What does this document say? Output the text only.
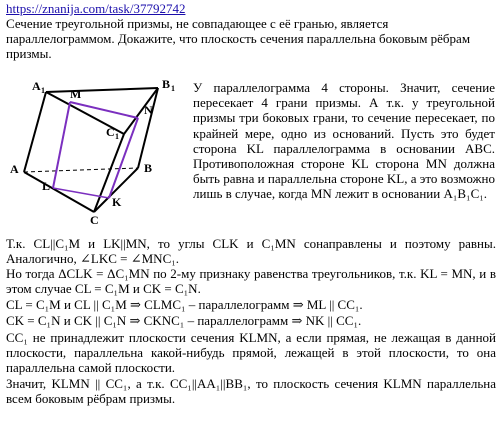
https://znanija.com/task/37792742

Сечение треугольной призмы, не совпадающее с её гранью, является параллелограммом. Докажите, что плоскость сечения параллельна боковым рёбрам призмы.

A 1	B 1
M
N
C 1
A	B
L
K
C

У параллелограмма 4 стороны. Значит, сечение пересекает 4 грани призмы. А т.к. у треугольной призмы три боковых грани, то сечение пересекает, по крайней мере, одно из оснований. Пусть это будет сторона KL параллелограмма в основании ABC. Противоположная стороне KL сторона MN должна быть равна и параллельна стороне KL, а это возможно лишь в случае, когда MN лежит в основании A₁B₁C₁.

Т.к. CL||C₁M и LK||MN, то углы CLK и C₁MN сонаправлены и поэтому равны. Аналогично, ∠LKC = ∠MNC₁.

Но тогда ΔCLK = ΔC₁MN по 2-му признаку равенства треугольников, т.к. KL = MN, и в этом случае CL = C₁M и CK = C₁N.

CL = C₁M и CL || C₁M ⇒ CLMC₁ – параллелограмм ⇒ ML || CC₁.

CK = C₁N и CK || C₁N ⇒ CKNC₁ – параллелограмм ⇒ NK || CC₁.

CC₁ не принадлежит плоскости сечения KLMN, а если прямая, не лежащая в данной плоскости, параллельна какой-нибудь прямой, лежащей в этой плоскости, то она параллельна самой плоскости.

Значит, KLMN || CC₁, а т.к. CC₁||AA₁||BB₁, то плоскость сечения KLMN параллельна всем боковым рёбрам призмы.
